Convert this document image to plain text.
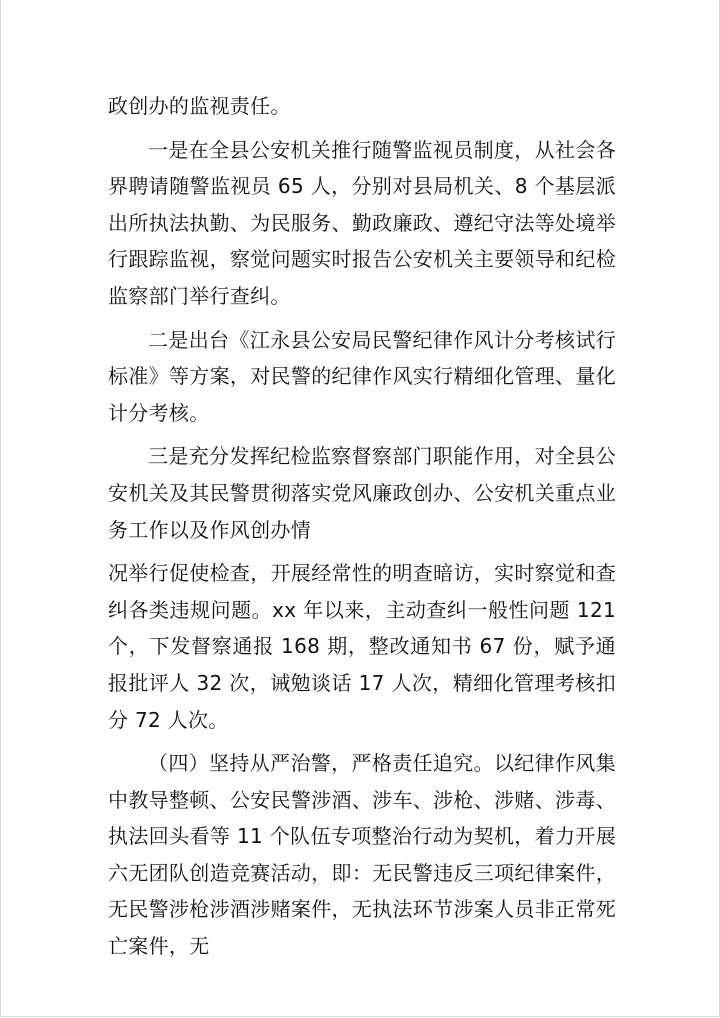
政创办的监视责任。

一是在全县公安机关推行随警监视员制度，从社会各界聘请随警监视员 65 人，分别对县局机关、8 个基层派出所执法执勤、为民服务、勤政廉政、遵纪守法等处境举行跟踪监视，察觉问题实时报告公安机关主要领导和纪检监察部门举行查纠。

二是出台《江永县公安局民警纪律作风计分考核试行标准》等方案，对民警的纪律作风实行精细化管理、量化计分考核。

三是充分发挥纪检监察督察部门职能作用，对全县公安机关及其民警贯彻落实党风廉政创办、公安机关重点业务工作以及作风创办情

况举行促使检查，开展经常性的明查暗访，实时察觉和查纠各类违规问题。xx 年以来，主动查纠一般性问题 121 个，下发督察通报 168 期，整改通知书 67 份，赋予通报批评人 32 次，诫勉谈话 17 人次，精细化管理考核扣分 72 人次。

（四）坚持从严治警，严格责任追究。以纪律作风集中教导整顿、公安民警涉酒、涉车、涉枪、涉赌、涉毒、执法回头看等 11 个队伍专项整治行动为契机，着力开展六无团队创造竞赛活动，即：无民警违反三项纪律案件，无民警涉枪涉酒涉赌案件，无执法环节涉案人员非正常死亡案件，无
